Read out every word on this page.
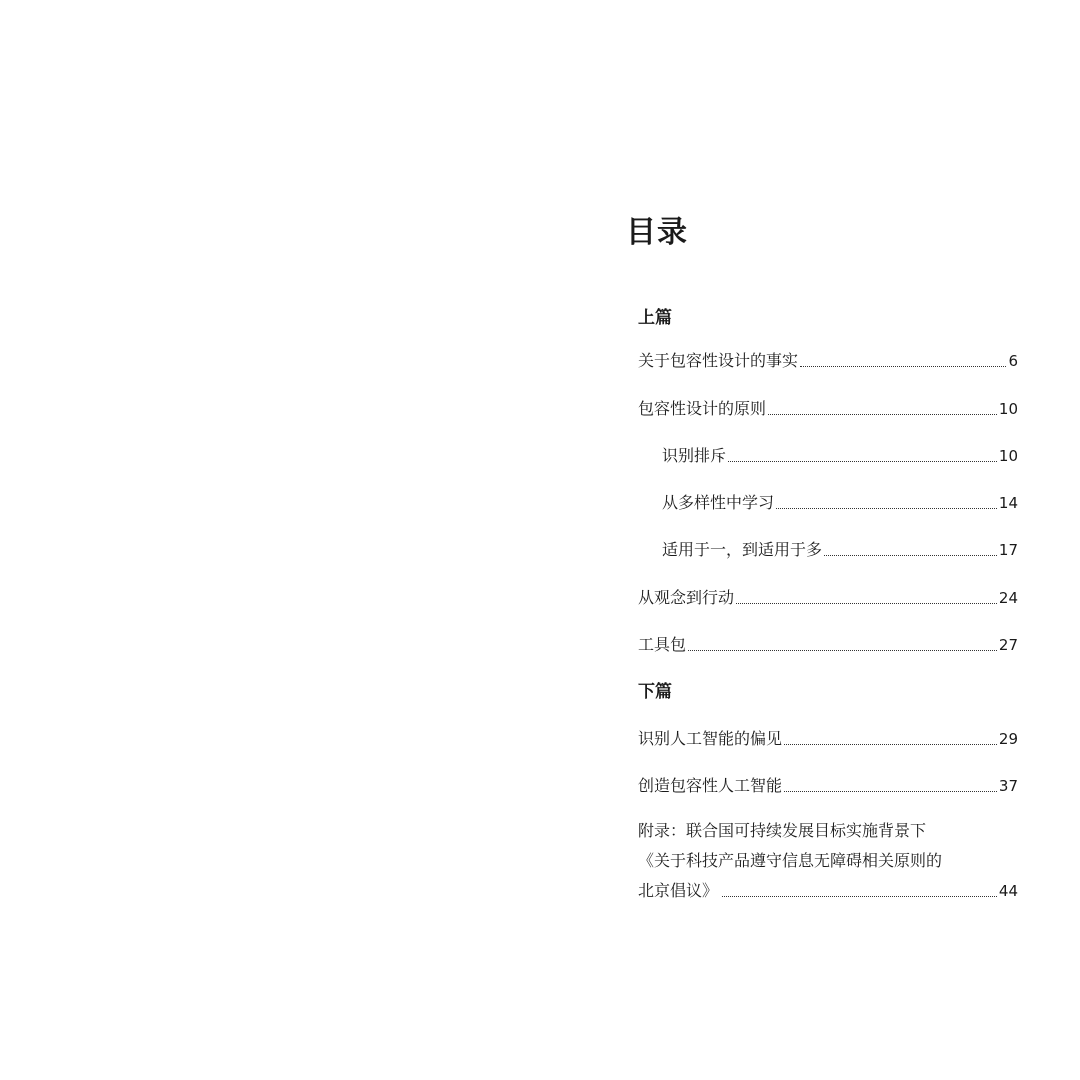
目录
上篇
关于包容性设计的事实	6
包容性设计的原则	10
识别排斥	10
从多样性中学习	14
适用于一，到适用于多	17
从观念到行动	24
工具包	27
下篇
识别人工智能的偏见	29
创造包容性人工智能	37
附录：联合国可持续发展目标实施背景下
《关于科技产品遵守信息无障碍相关原则的
北京倡议》	44
